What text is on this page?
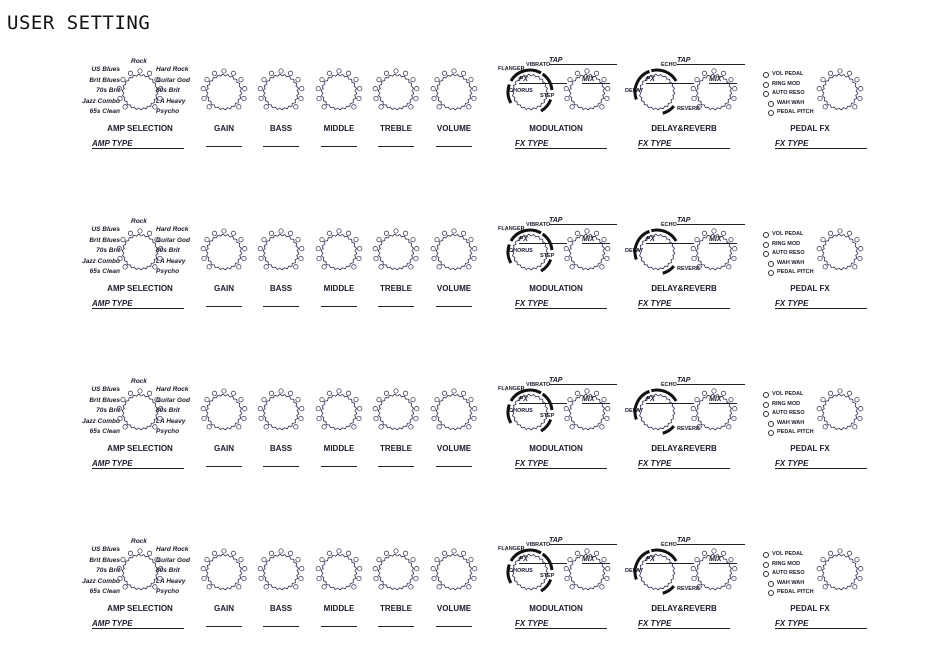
USER SETTING
US Blues
Brit Blues
70s Brit
Jazz Combo
65s Clean
Rock
Hard Rock
Guitar God
80s Brit
LA Heavy
Psycho
GAIN	BASS	MIDDLE	TREBLE	VOLUME
AMP SELECTION
AMP TYPE
MODULATION
FX TYPE
TAP
FX	MIX
CHORUS
FLANGER
VIBRATO
STEP
DELAY&REVERB
FX TYPE
TAP
FX	MIX
DELAY
ECHO
REVERB
VOL PEDAL
RING MOD
AUTO RESO
WAH WAH
PEDAL PITCH
PEDAL FX
FX TYPE
US Blues
Brit Blues
70s Brit
Jazz Combo
65s Clean
Rock
Hard Rock
Guitar God
80s Brit
LA Heavy
Psycho
GAIN	BASS	MIDDLE	TREBLE	VOLUME
AMP SELECTION
AMP TYPE
MODULATION
FX TYPE
TAP
FX	MIX
CHORUS
FLANGER
VIBRATO
STEP
DELAY&REVERB
FX TYPE
TAP
FX	MIX
DELAY
ECHO
REVERB
VOL PEDAL
RING MOD
AUTO RESO
WAH WAH
PEDAL PITCH
PEDAL FX
FX TYPE
US Blues
Brit Blues
70s Brit
Jazz Combo
65s Clean
Rock
Hard Rock
Guitar God
80s Brit
LA Heavy
Psycho
GAIN	BASS	MIDDLE	TREBLE	VOLUME
AMP SELECTION
AMP TYPE
MODULATION
FX TYPE
TAP
FX	MIX
CHORUS
FLANGER
VIBRATO
STEP
DELAY&REVERB
FX TYPE
TAP
FX	MIX
DELAY
ECHO
REVERB
VOL PEDAL
RING MOD
AUTO RESO
WAH WAH
PEDAL PITCH
PEDAL FX
FX TYPE
US Blues
Brit Blues
70s Brit
Jazz Combo
65s Clean
Rock
Hard Rock
Guitar God
80s Brit
LA Heavy
Psycho
GAIN	BASS	MIDDLE	TREBLE	VOLUME
AMP SELECTION
AMP TYPE
MODULATION
FX TYPE
TAP
FX	MIX
CHORUS
FLANGER
VIBRATO
STEP
DELAY&REVERB
FX TYPE
TAP
FX	MIX
DELAY
ECHO
REVERB
VOL PEDAL
RING MOD
AUTO RESO
WAH WAH
PEDAL PITCH
PEDAL FX
FX TYPE
